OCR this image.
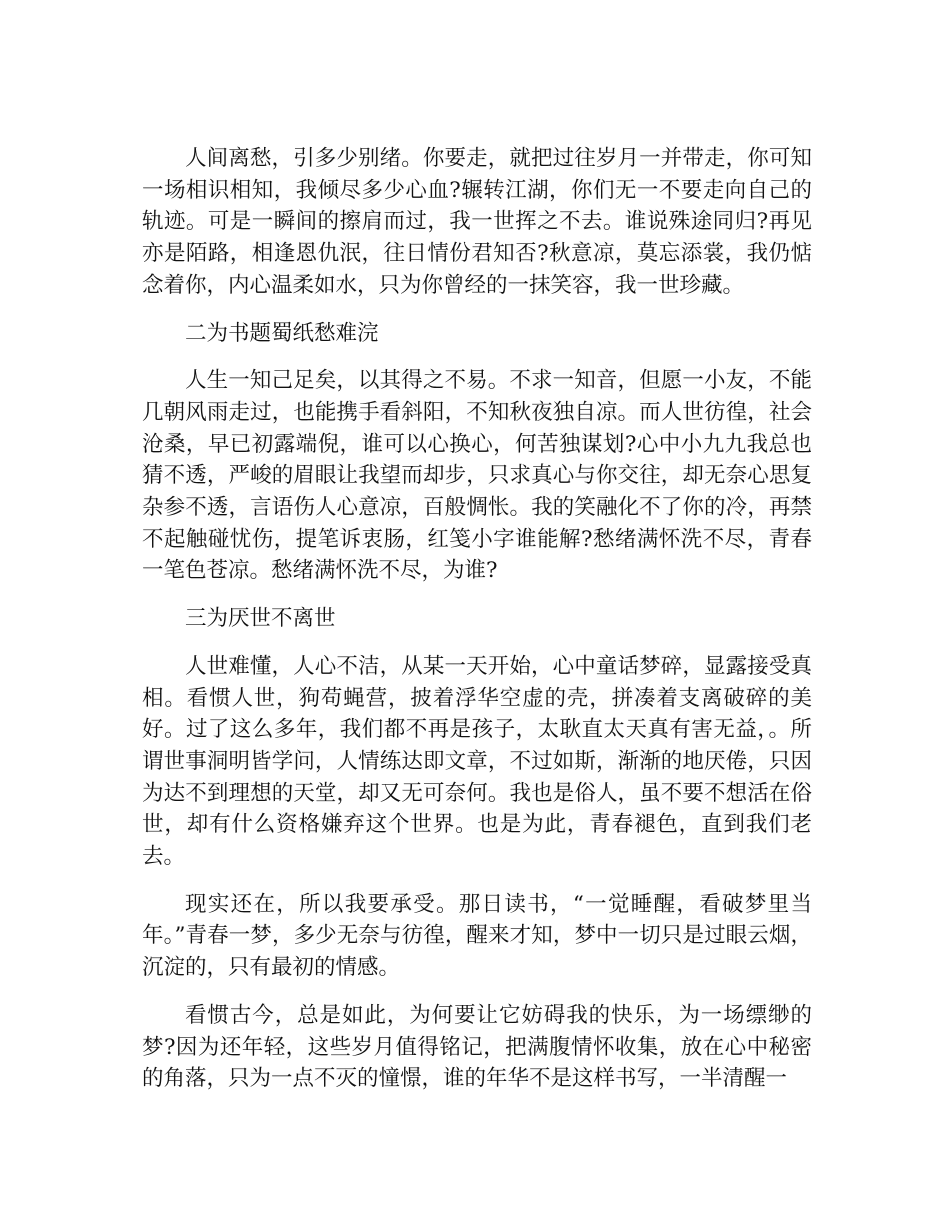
人间离愁，引多少别绪。你要走，就把过往岁月一并带走，你可知一场相识相知，我倾尽多少心血?辗转江湖，你们无一不要走向自己的轨迹。可是一瞬间的擦肩而过，我一世挥之不去。谁说殊途同归?再见亦是陌路，相逢恩仇泯，往日情份君知否?秋意凉，莫忘添裳，我仍惦念着你，内心温柔如水，只为你曾经的一抹笑容，我一世珍藏。

二为书题蜀纸愁难浣

人生一知己足矣，以其得之不易。不求一知音，但愿一小友，不能几朝风雨走过，也能携手看斜阳，不知秋夜独自凉。而人世彷徨，社会沧桑，早已初露端倪，谁可以心换心，何苦独谋划?心中小九九我总也猜不透，严峻的眉眼让我望而却步，只求真心与你交往，却无奈心思复杂参不透，言语伤人心意凉，百般惆怅。我的笑融化不了你的冷，再禁不起触碰忧伤，提笔诉衷肠，红笺小字谁能解?愁绪满怀洗不尽，青春一笔色苍凉。愁绪满怀洗不尽，为谁?

三为厌世不离世

人世难懂，人心不洁，从某一天开始，心中童话梦碎，显露接受真相。看惯人世，狗苟蝇营，披着浮华空虚的壳，拼凑着支离破碎的美好。过了这么多年，我们都不再是孩子，太耿直太天真有害无益，。所谓世事洞明皆学问，人情练达即文章，不过如斯，渐渐的地厌倦，只因为达不到理想的天堂，却又无可奈何。我也是俗人，虽不要不想活在俗世，却有什么资格嫌弃这个世界。也是为此，青春褪色，直到我们老去。

现实还在，所以我要承受。那日读书，“一觉睡醒，看破梦里当年。”青春一梦，多少无奈与彷徨，醒来才知，梦中一切只是过眼云烟，沉淀的，只有最初的情感。

看惯古今，总是如此，为何要让它妨碍我的快乐，为一场缥缈的梦?因为还年轻，这些岁月值得铭记，把满腹情怀收集，放在心中秘密的角落，只为一点不灭的憧憬，谁的年华不是这样书写，一半清醒一
